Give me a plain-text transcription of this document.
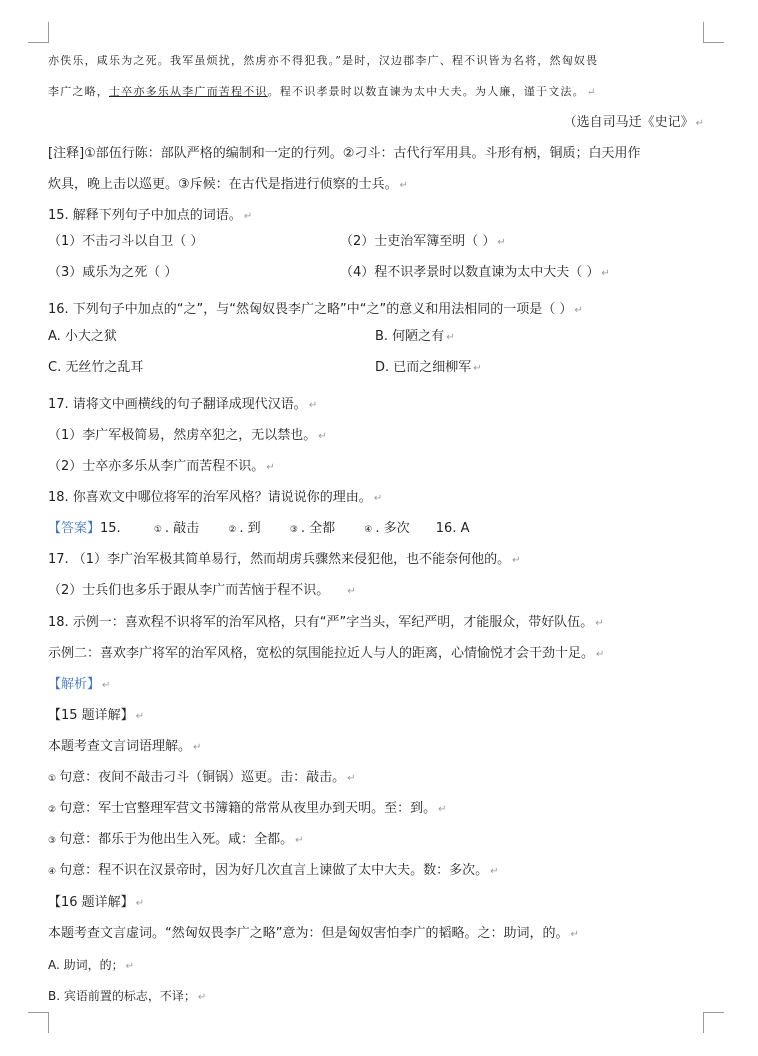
亦佚乐，咸乐为之死。我军虽烦扰，然虏亦不得犯我。”是时，汉边郡李广、程不识皆为名将，然匈奴畏
李广之略，士卒亦多乐从李广而苦程不识。程不识孝景时以数直谏为太中大夫。为人廉，谨于文法。 ↵
（选自司马迁《史记》 ↵
[注释]①部伍行陈：部队严格的编制和一定的行列。②刁斗：古代行军用具。斗形有柄，铜质；白天用作
炊具，晚上击以巡更。③斥候：在古代是指进行侦察的士兵。 ↵
15. 解释下列句子中加点的词语。 ↵
（1）不击刁斗以自卫（ ）	（2）士吏治军簿至明（ ） ↵
（3）咸乐为之死（ ）	（4）程不识孝景时以数直谏为太中大夫（ ） ↵
16. 下列句子中加点的“之”，与“然匈奴畏李广之略”中“之”的意义和用法相同的一项是（ ） ↵
A. 小大之狱	B. 何陋之有 ↵
C. 无丝竹之乱耳	D. 已而之细柳军 ↵
17. 请将文中画横线的句子翻译成现代汉语。 ↵
（1）李广军极简易，然虏卒犯之，无以禁也。 ↵
（2）士卒亦多乐从李广而苦程不识。 ↵
18. 你喜欢文中哪位将军的治军风格？请说说你的理由。 ↵
【答案】15.	① . 敲击	② . 到	③ . 全都	④ . 多次 16. A
17. （1）李广治军极其简单易行，然而胡虏兵骤然来侵犯他，也不能奈何他的。 ↵
（2）士兵们也多乐于跟从李广而苦恼于程不识。 ↵
18. 示例一：喜欢程不识将军的治军风格，只有“严”字当头，军纪严明，才能服众，带好队伍。 ↵
示例二：喜欢李广将军的治军风格，宽松的氛围能拉近人与人的距离，心情愉悦才会干劲十足。 ↵
【解析】 ↵
【15 题详解】 ↵
本题考查文言词语理解。 ↵
① 句意：夜间不敲击刁斗（铜锅）巡更。击：敲击。 ↵
② 句意：军士官整理军营文书簿籍的常常从夜里办到天明。至：到。 ↵
③ 句意：都乐于为他出生入死。咸：全都。 ↵
④ 句意：程不识在汉景帝时，因为好几次直言上谏做了太中大夫。数：多次。 ↵
【16 题详解】 ↵
本题考查文言虚词。“然匈奴畏李广之略”意为：但是匈奴害怕李广的韬略。之：助词，的。 ↵
A. 助词，的； ↵
B. 宾语前置的标志，不译； ↵
